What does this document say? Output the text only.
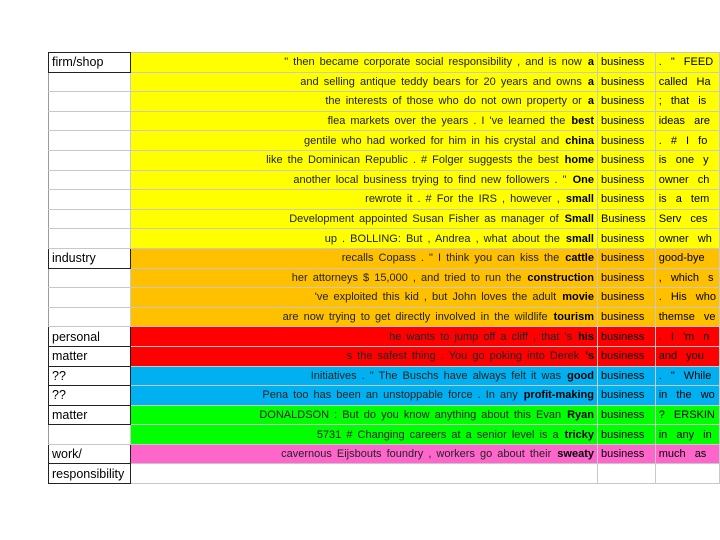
firm/shop	" then became corporate social responsibility , and is now a	business	. " FEED
	and selling antique teddy bears for 20 years and owns a	business	called Ha
	the interests of those who do not own property or a	business	; that is
	flea markets over the years . I 've learned the best	business	ideas are
	gentile who had worked for him in his crystal and china	business	. # I fo
	like the Dominican Republic . # Folger suggests the best home	business	is one y
	another local business trying to find new followers . " One	business	owner ch
	rewrote it . # For the IRS , however , small	business	is a tem
	Development appointed Susan Fisher as manager of Small	Business	Serv ces
	up . BOLLING: But , Andrea , what about the small	business	owner wh
industry	recalls Copass . " I think you can kiss the cattle	business	good-bye
	her attorneys $ 15,000 , and tried to run the construction	business	, which s
	've exploited this kid , but John loves the adult movie	business	. His who
	are now trying to get directly involved in the wildlife tourism	business	themse ve
personal	he wants to jump off a cliff , that 's his	business	. I 'm n
matter	s the safest thing . You go poking into Derek 's	business	and you
??	Initiatives . " The Buschs have always felt it was good	business	. " While
??	Pena too has been an unstoppable force . In any profit-making	business	in the wo
matter	DONALDSON : But do you know anything about this Evan Ryan	business	? ERSKIN
	5731 # Changing careers at a senior level is a tricky	business	in any in
work/	cavernous Eijsbouts foundry , workers go about their sweaty	business	much as
responsibility			
